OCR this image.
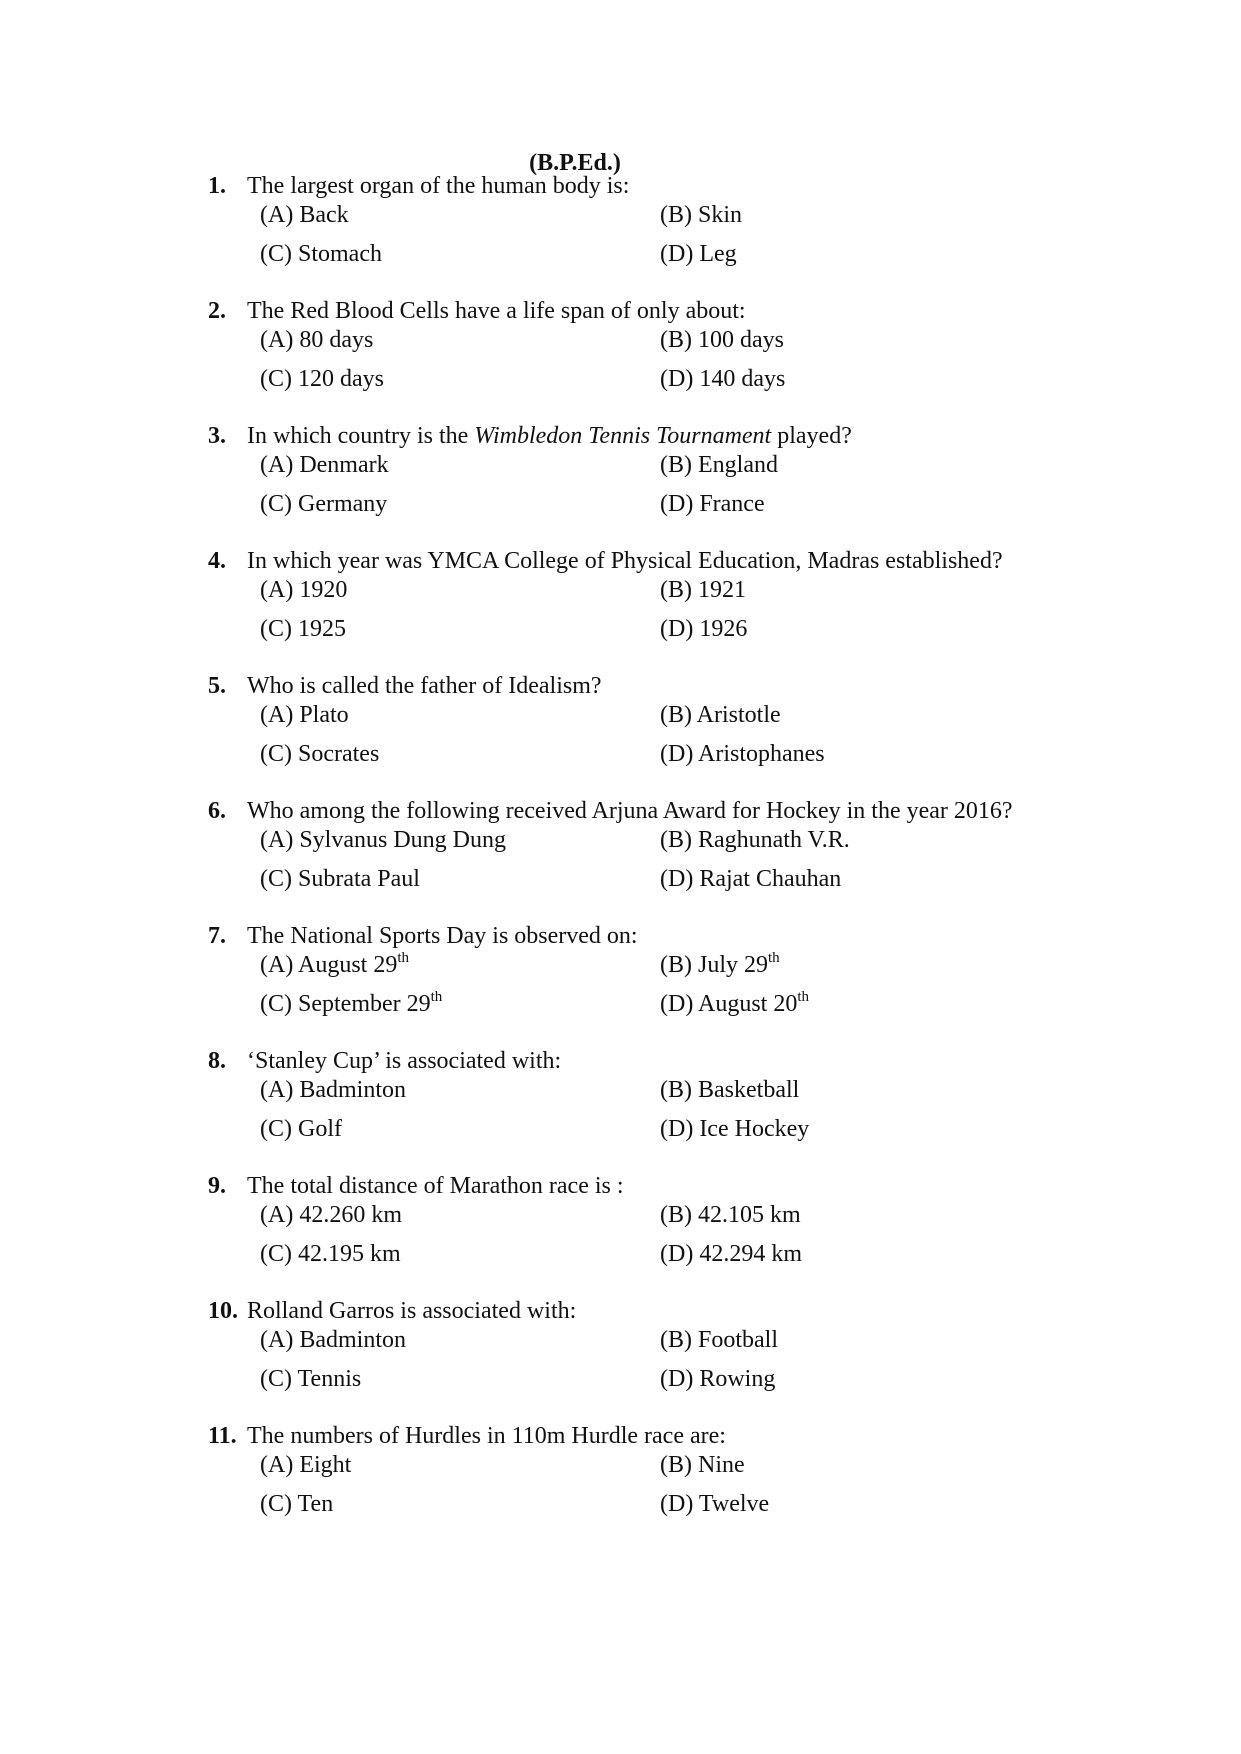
(B.P.Ed.)
1. The largest organ of the human body is:
(A) Back	(B) Skin
(C) Stomach	(D) Leg
2. The Red Blood Cells have a life span of only about:
(A) 80 days	(B) 100 days
(C) 120 days	(D) 140 days
3. In which country is the Wimbledon Tennis Tournament played?
(A) Denmark	(B) England
(C) Germany	(D) France
4. In which year was YMCA College of Physical Education, Madras established?
(A) 1920	(B) 1921
(C) 1925	(D) 1926
5. Who is called the father of Idealism?
(A) Plato	(B) Aristotle
(C) Socrates	(D) Aristophanes
6. Who among the following received Arjuna Award for Hockey in the year 2016?
(A) Sylvanus Dung Dung	(B) Raghunath V.R.
(C) Subrata Paul	(D) Rajat Chauhan
7. The National Sports Day is observed on:
(A) August 29th	(B) July 29th
(C) September 29th	(D) August 20th
8. ‘Stanley Cup’ is associated with:
(A) Badminton	(B) Basketball
(C) Golf	(D) Ice Hockey
9. The total distance of Marathon race is :
(A) 42.260 km	(B) 42.105 km
(C) 42.195 km	(D) 42.294 km
10. Rolland Garros is associated with:
(A) Badminton	(B) Football
(C) Tennis	(D) Rowing
11. The numbers of Hurdles in 110m Hurdle race are:
(A) Eight	(B) Nine
(C) Ten	(D) Twelve
